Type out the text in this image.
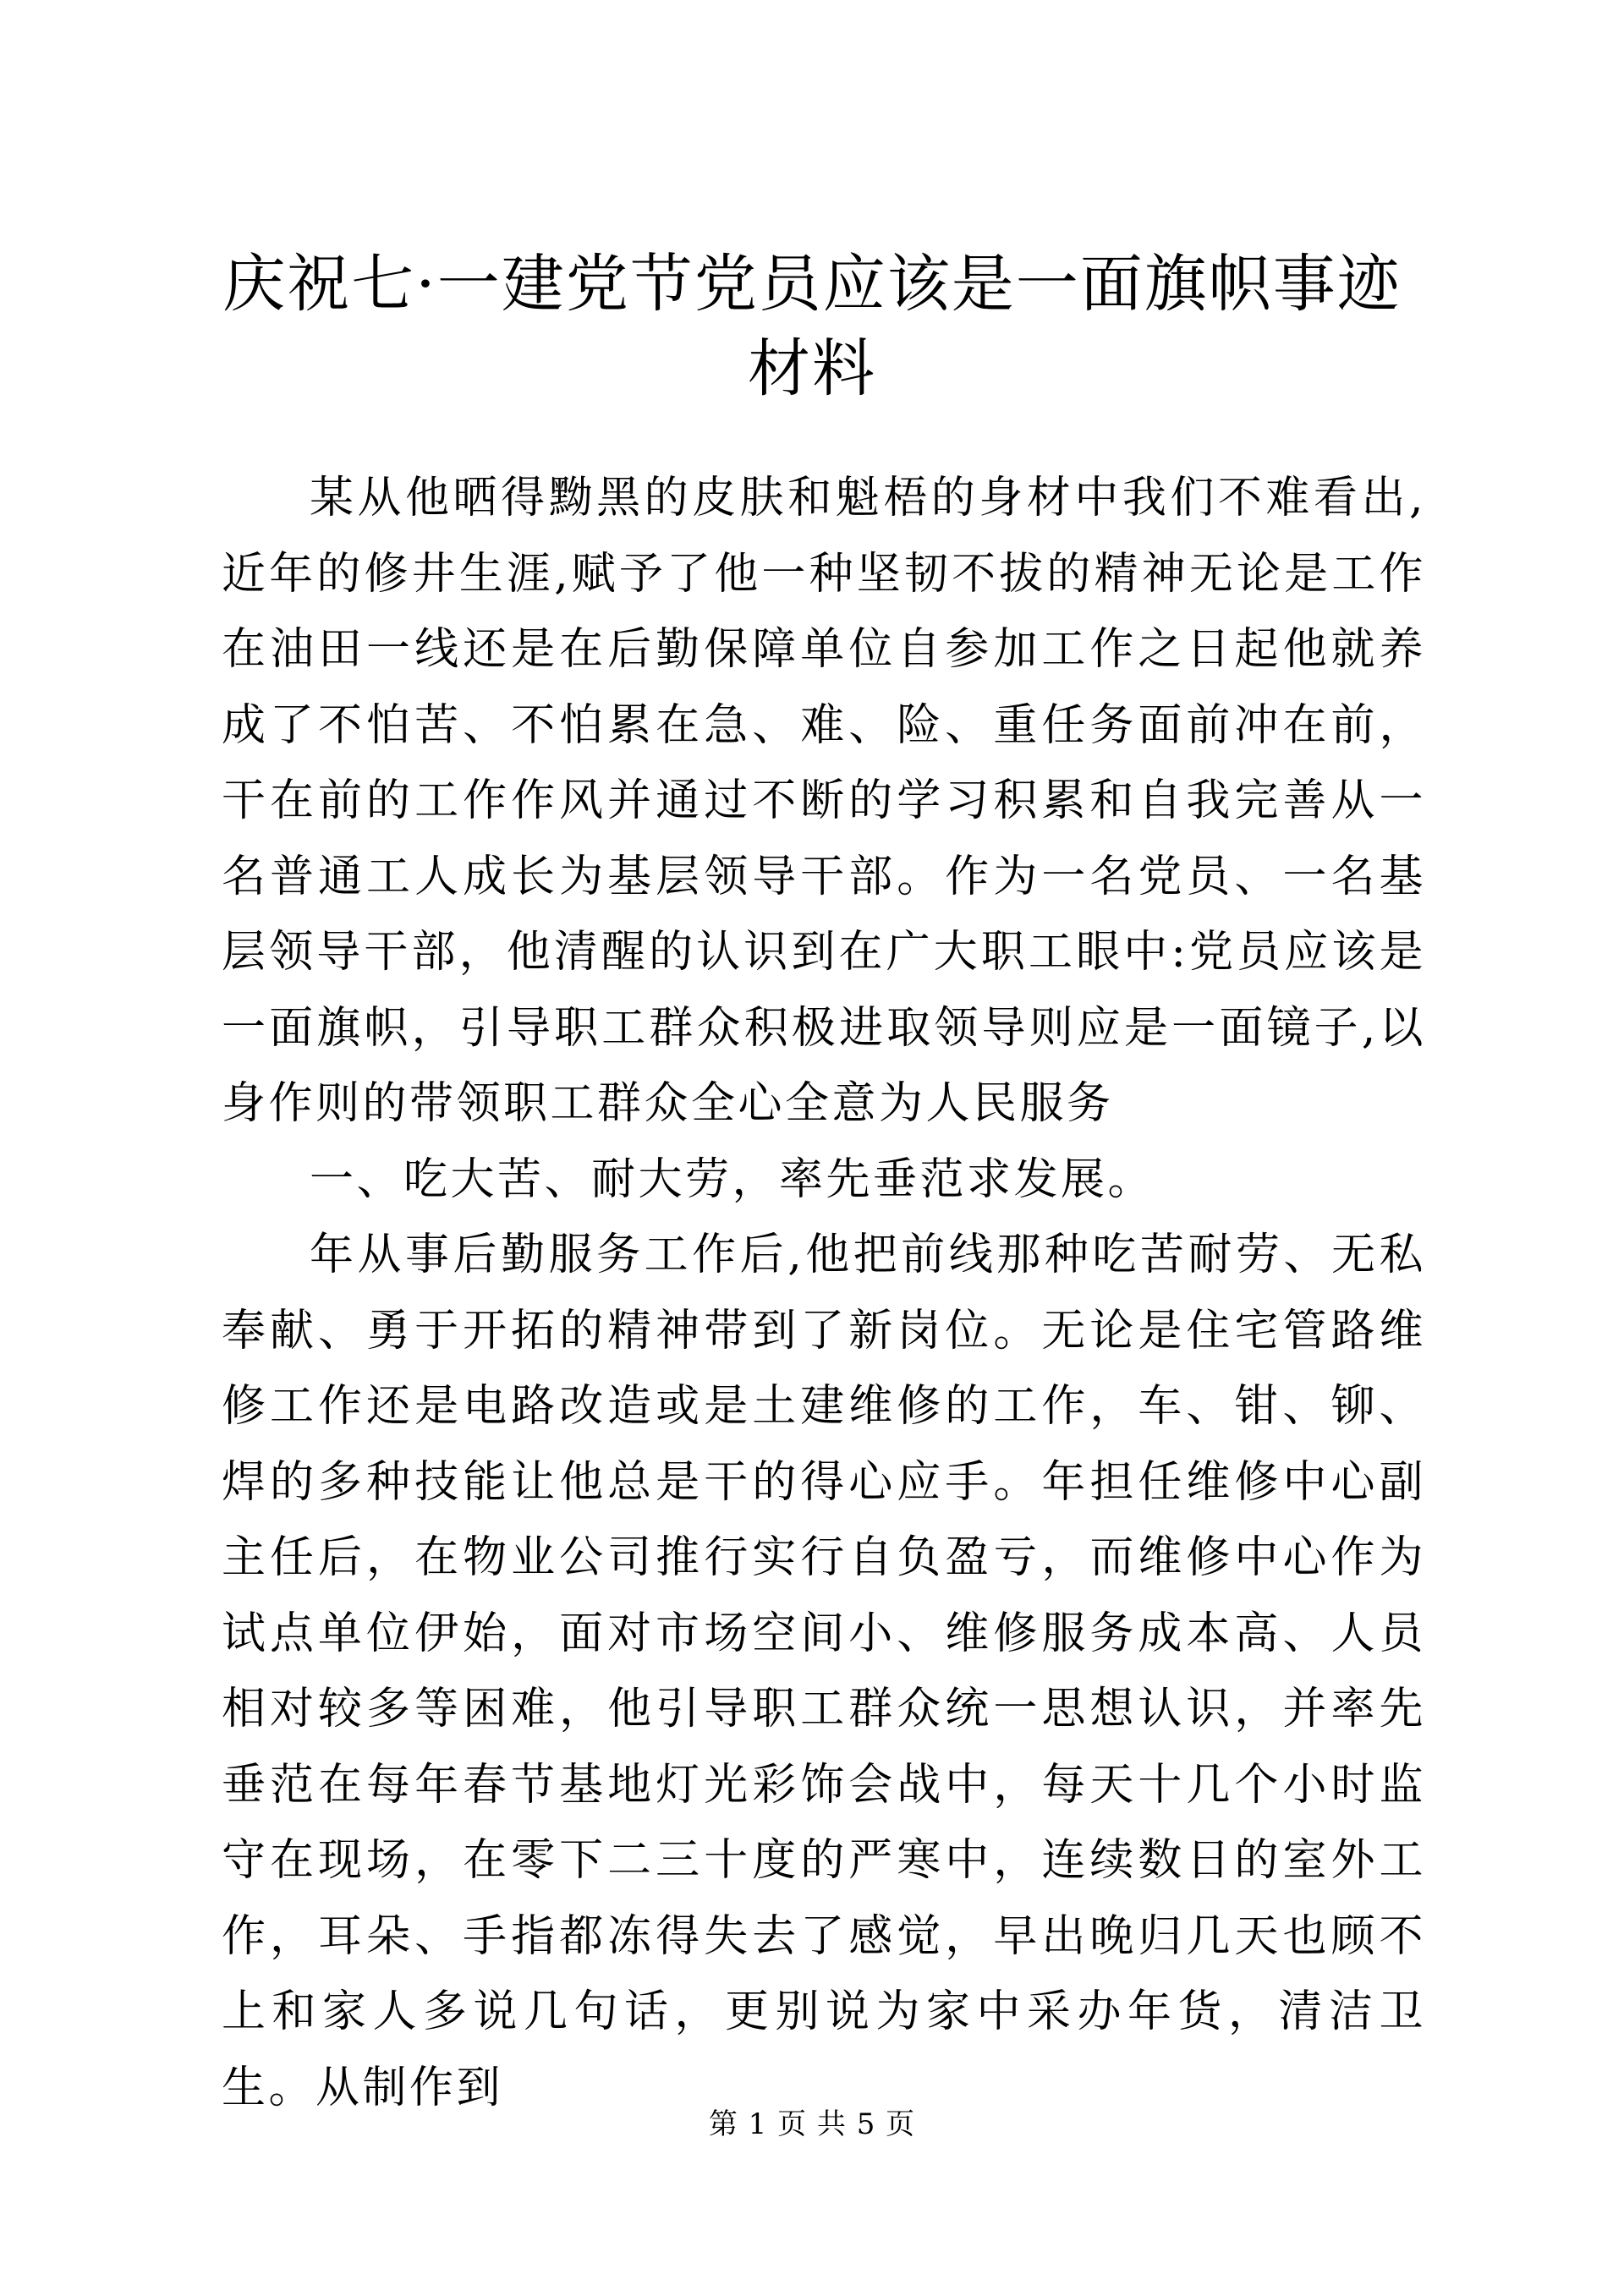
庆祝七·一建党节党员应该是一面旗帜事迹材料

某从他晒得黝黑的皮肤和魁梧的身材中我们不难看出,近年的修井生涯,赋予了他一种坚韧不拔的精神无论是工作在油田一线还是在后勤保障单位自参加工作之日起他就养成了不怕苦、不怕累在急、难、险、重任务面前冲在前，干在前的工作作风并通过不断的学习积累和自我完善从一名普通工人成长为基层领导干部。作为一名党员、一名基层领导干部，他清醒的认识到在广大职工眼中:党员应该是一面旗帜，引导职工群众积极进取领导则应是一面镜子,以身作则的带领职工群众全心全意为人民服务

一、吃大苦、耐大劳，率先垂范求发展。

年从事后勤服务工作后,他把前线那种吃苦耐劳、无私奉献、勇于开拓的精神带到了新岗位。无论是住宅管路维修工作还是电路改造或是土建维修的工作，车、钳、铆、焊的多种技能让他总是干的得心应手。年担任维修中心副主任后，在物业公司推行实行自负盈亏，而维修中心作为试点单位伊始，面对市场空间小、维修服务成本高、人员相对较多等困难，他引导职工群众统一思想认识，并率先垂范在每年春节基地灯光彩饰会战中，每天十几个小时监守在现场，在零下二三十度的严寒中，连续数日的室外工作，耳朵、手指都冻得失去了感觉，早出晚归几天也顾不上和家人多说几句话，更别说为家中采办年货，清洁卫生。从制作到

第 1 页 共 5 页
